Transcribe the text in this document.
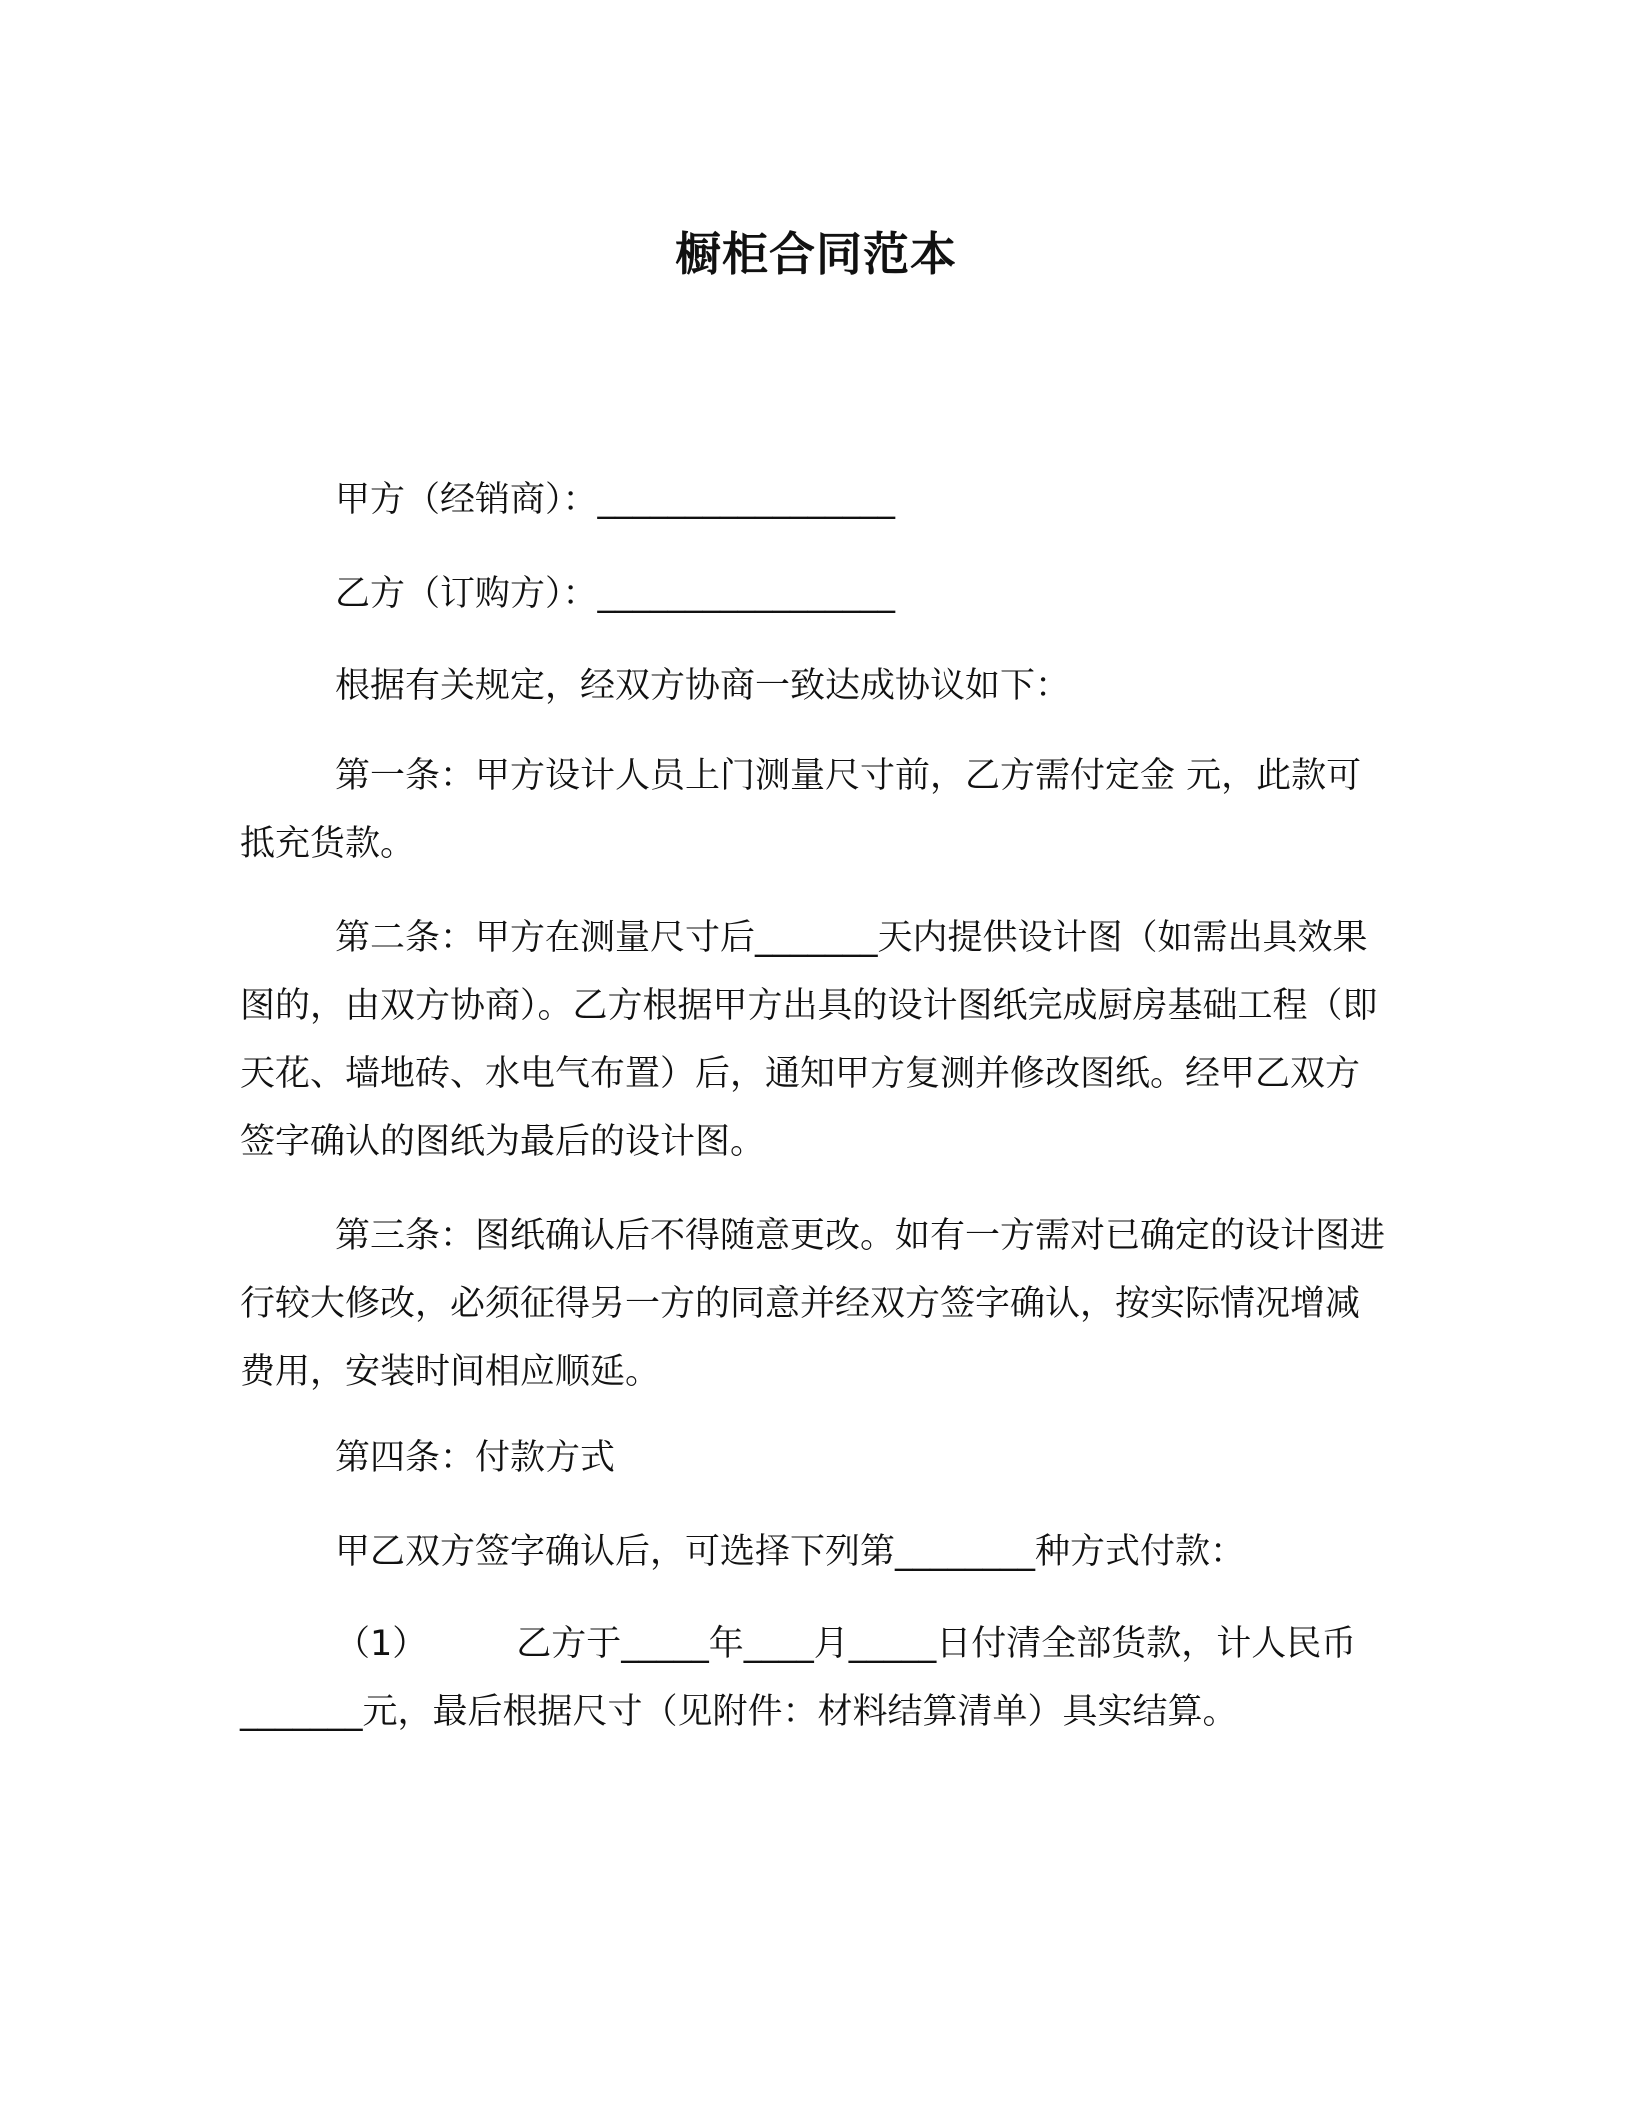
橱柜合同范本

甲方（经销商）：_________________

乙方（订购方）：_________________

根据有关规定，经双方协商一致达成协议如下：

第一条：甲方设计人员上门测量尺寸前，乙方需付定金 元，此款可抵充货款。

第二条：甲方在测量尺寸后_______天内提供设计图（如需出具效果图的，由双方协商）。乙方根据甲方出具的设计图纸完成厨房基础工程（即天花、墙地砖、水电气布置）后，通知甲方复测并修改图纸。经甲乙双方签字确认的图纸为最后的设计图。

第三条：图纸确认后不得随意更改。如有一方需对已确定的设计图进行较大修改，必须征得另一方的同意并经双方签字确认，按实际情况增减费用，安装时间相应顺延。

第四条：付款方式

甲乙双方签字确认后，可选择下列第________种方式付款：

（1）        乙方于_____年____月_____日付清全部货款，计人民币_______元，最后根据尺寸（见附件：材料结算清单）具实结算。
